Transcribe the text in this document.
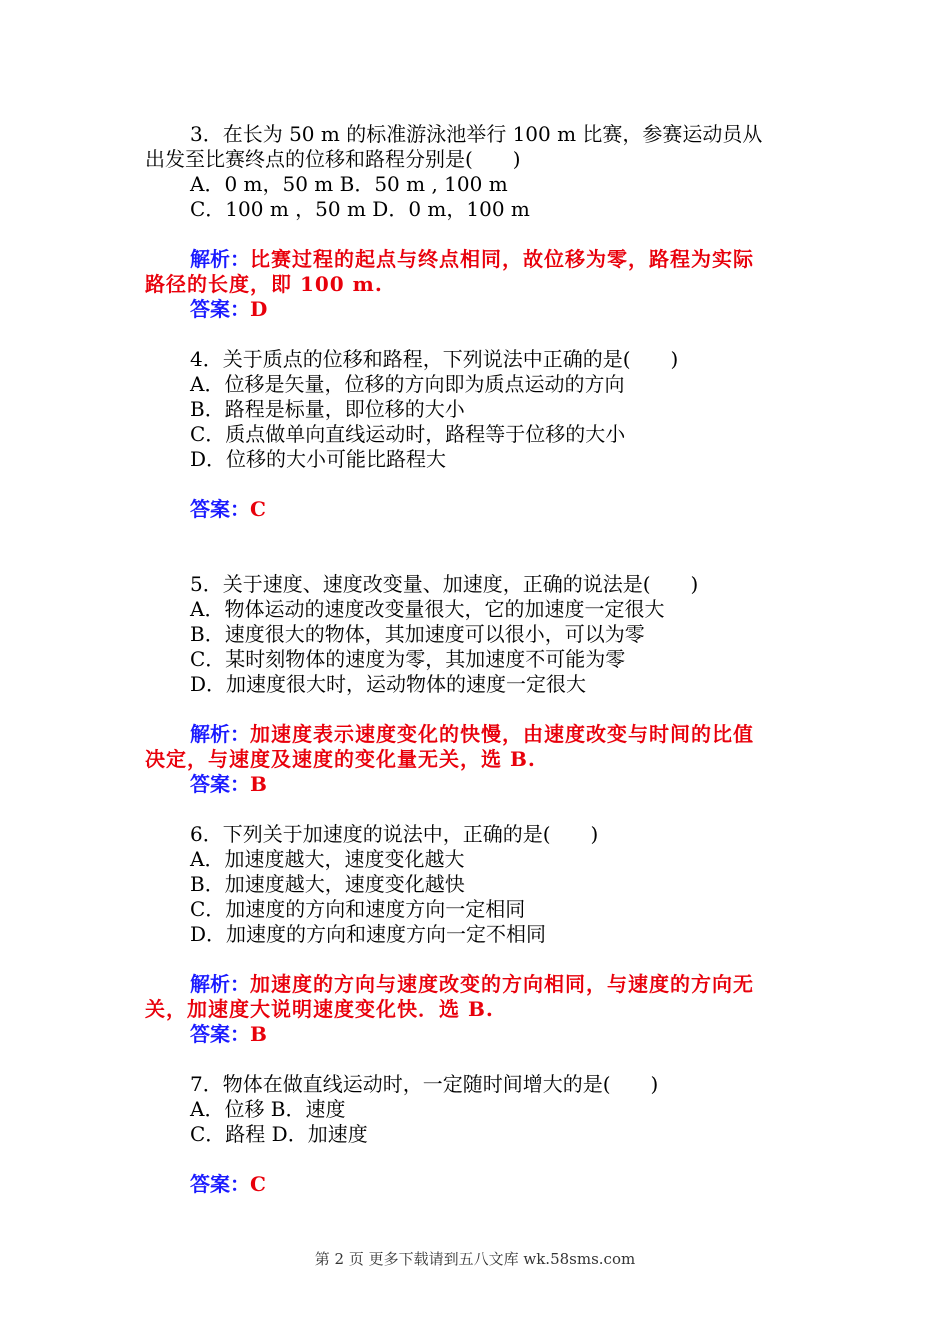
3．在长为 50 m 的标准游泳池举行 100 m 比赛，参赛运动员从
出发至比赛终点的位移和路程分别是(　　)
A．0 m，50 m B．50 m , 100 m
C．100 m ，50 m D．0 m，100 m
解析：比赛过程的起点与终点相同，故位移为零，路程为实际
路径的长度，即 100 m.
答案：D
4．关于质点的位移和路程，下列说法中正确的是(　　)
A．位移是矢量，位移的方向即为质点运动的方向
B．路程是标量，即位移的大小
C．质点做单向直线运动时，路程等于位移的大小
D．位移的大小可能比路程大
答案：C
5．关于速度、速度改变量、加速度，正确的说法是(　　)
A．物体运动的速度改变量很大，它的加速度一定很大
B．速度很大的物体，其加速度可以很小，可以为零
C．某时刻物体的速度为零，其加速度不可能为零
D．加速度很大时，运动物体的速度一定很大
解析：加速度表示速度变化的快慢，由速度改变与时间的比值
决定，与速度及速度的变化量无关，选 B.
答案：B
6．下列关于加速度的说法中，正确的是(　　)
A．加速度越大，速度变化越大
B．加速度越大，速度变化越快
C．加速度的方向和速度方向一定相同
D．加速度的方向和速度方向一定不相同
解析：加速度的方向与速度改变的方向相同，与速度的方向无
关，加速度大说明速度变化快．选 B.
答案：B
7．物体在做直线运动时，一定随时间增大的是(　　)
A．位移 B．速度
C．路程 D．加速度
答案：C
第 2 页 更多下载请到五八文库 wk.58sms.com
